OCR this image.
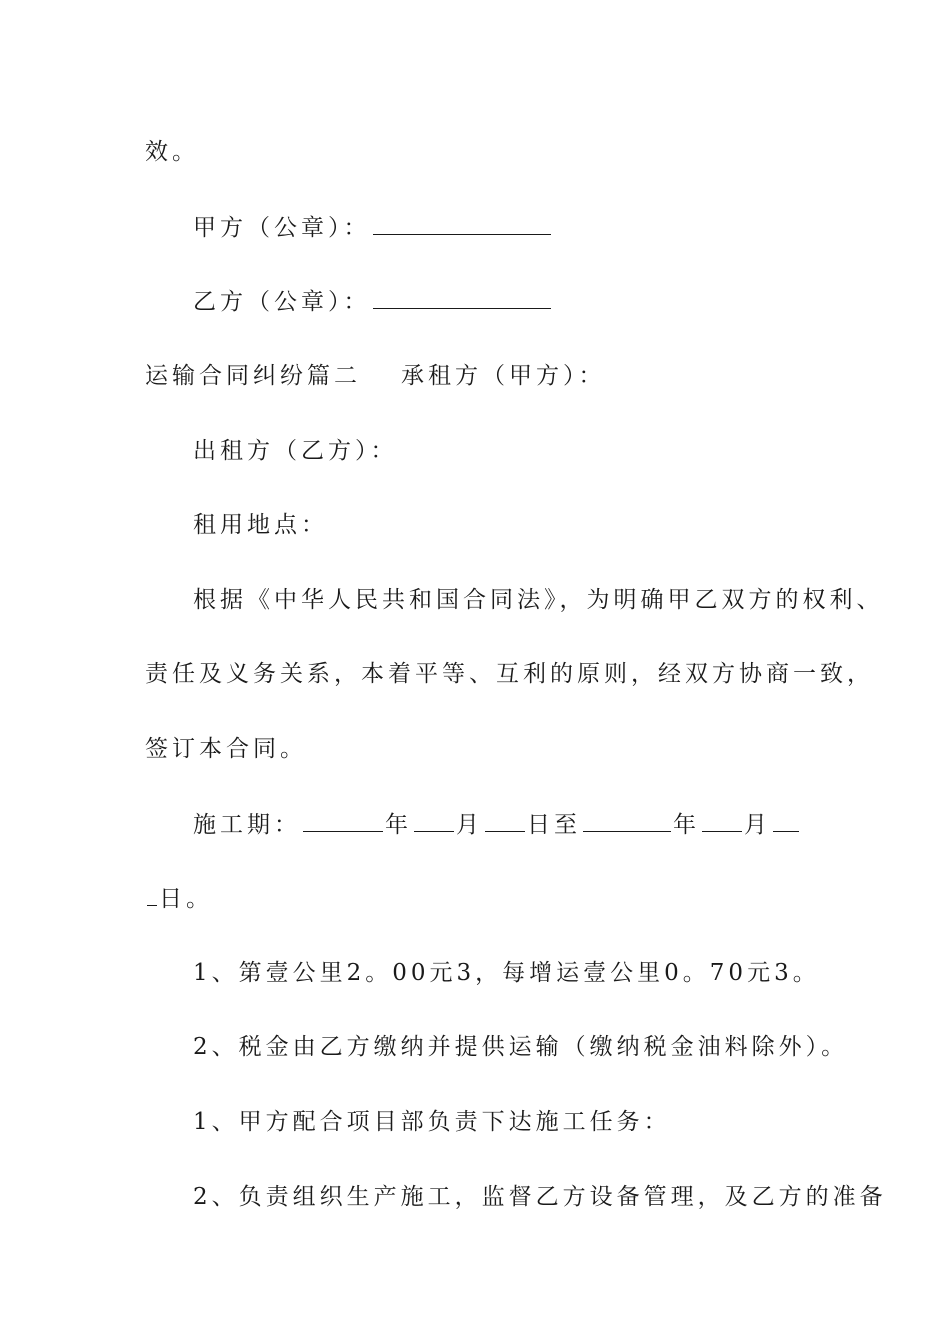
效。
甲方（公章）：
乙方（公章）：
运输合同纠纷篇二 承租方（甲方）：
出租方（乙方）：
租用地点：
根据《中华人民共和国合同法》，为明确甲乙双方的权利、
责任及义务关系，本着平等、互利的原则，经双方协商一致，
签订本合同。
施工期：	年 月 日至	年 月
日。
1、第壹公里2。00元3，每增运壹公里0。70元3。
2、税金由乙方缴纳并提供运输（缴纳税金油料除外）。
1、甲方配合项目部负责下达施工任务：
2、负责组织生产施工，监督乙方设备管理，及乙方的准备
